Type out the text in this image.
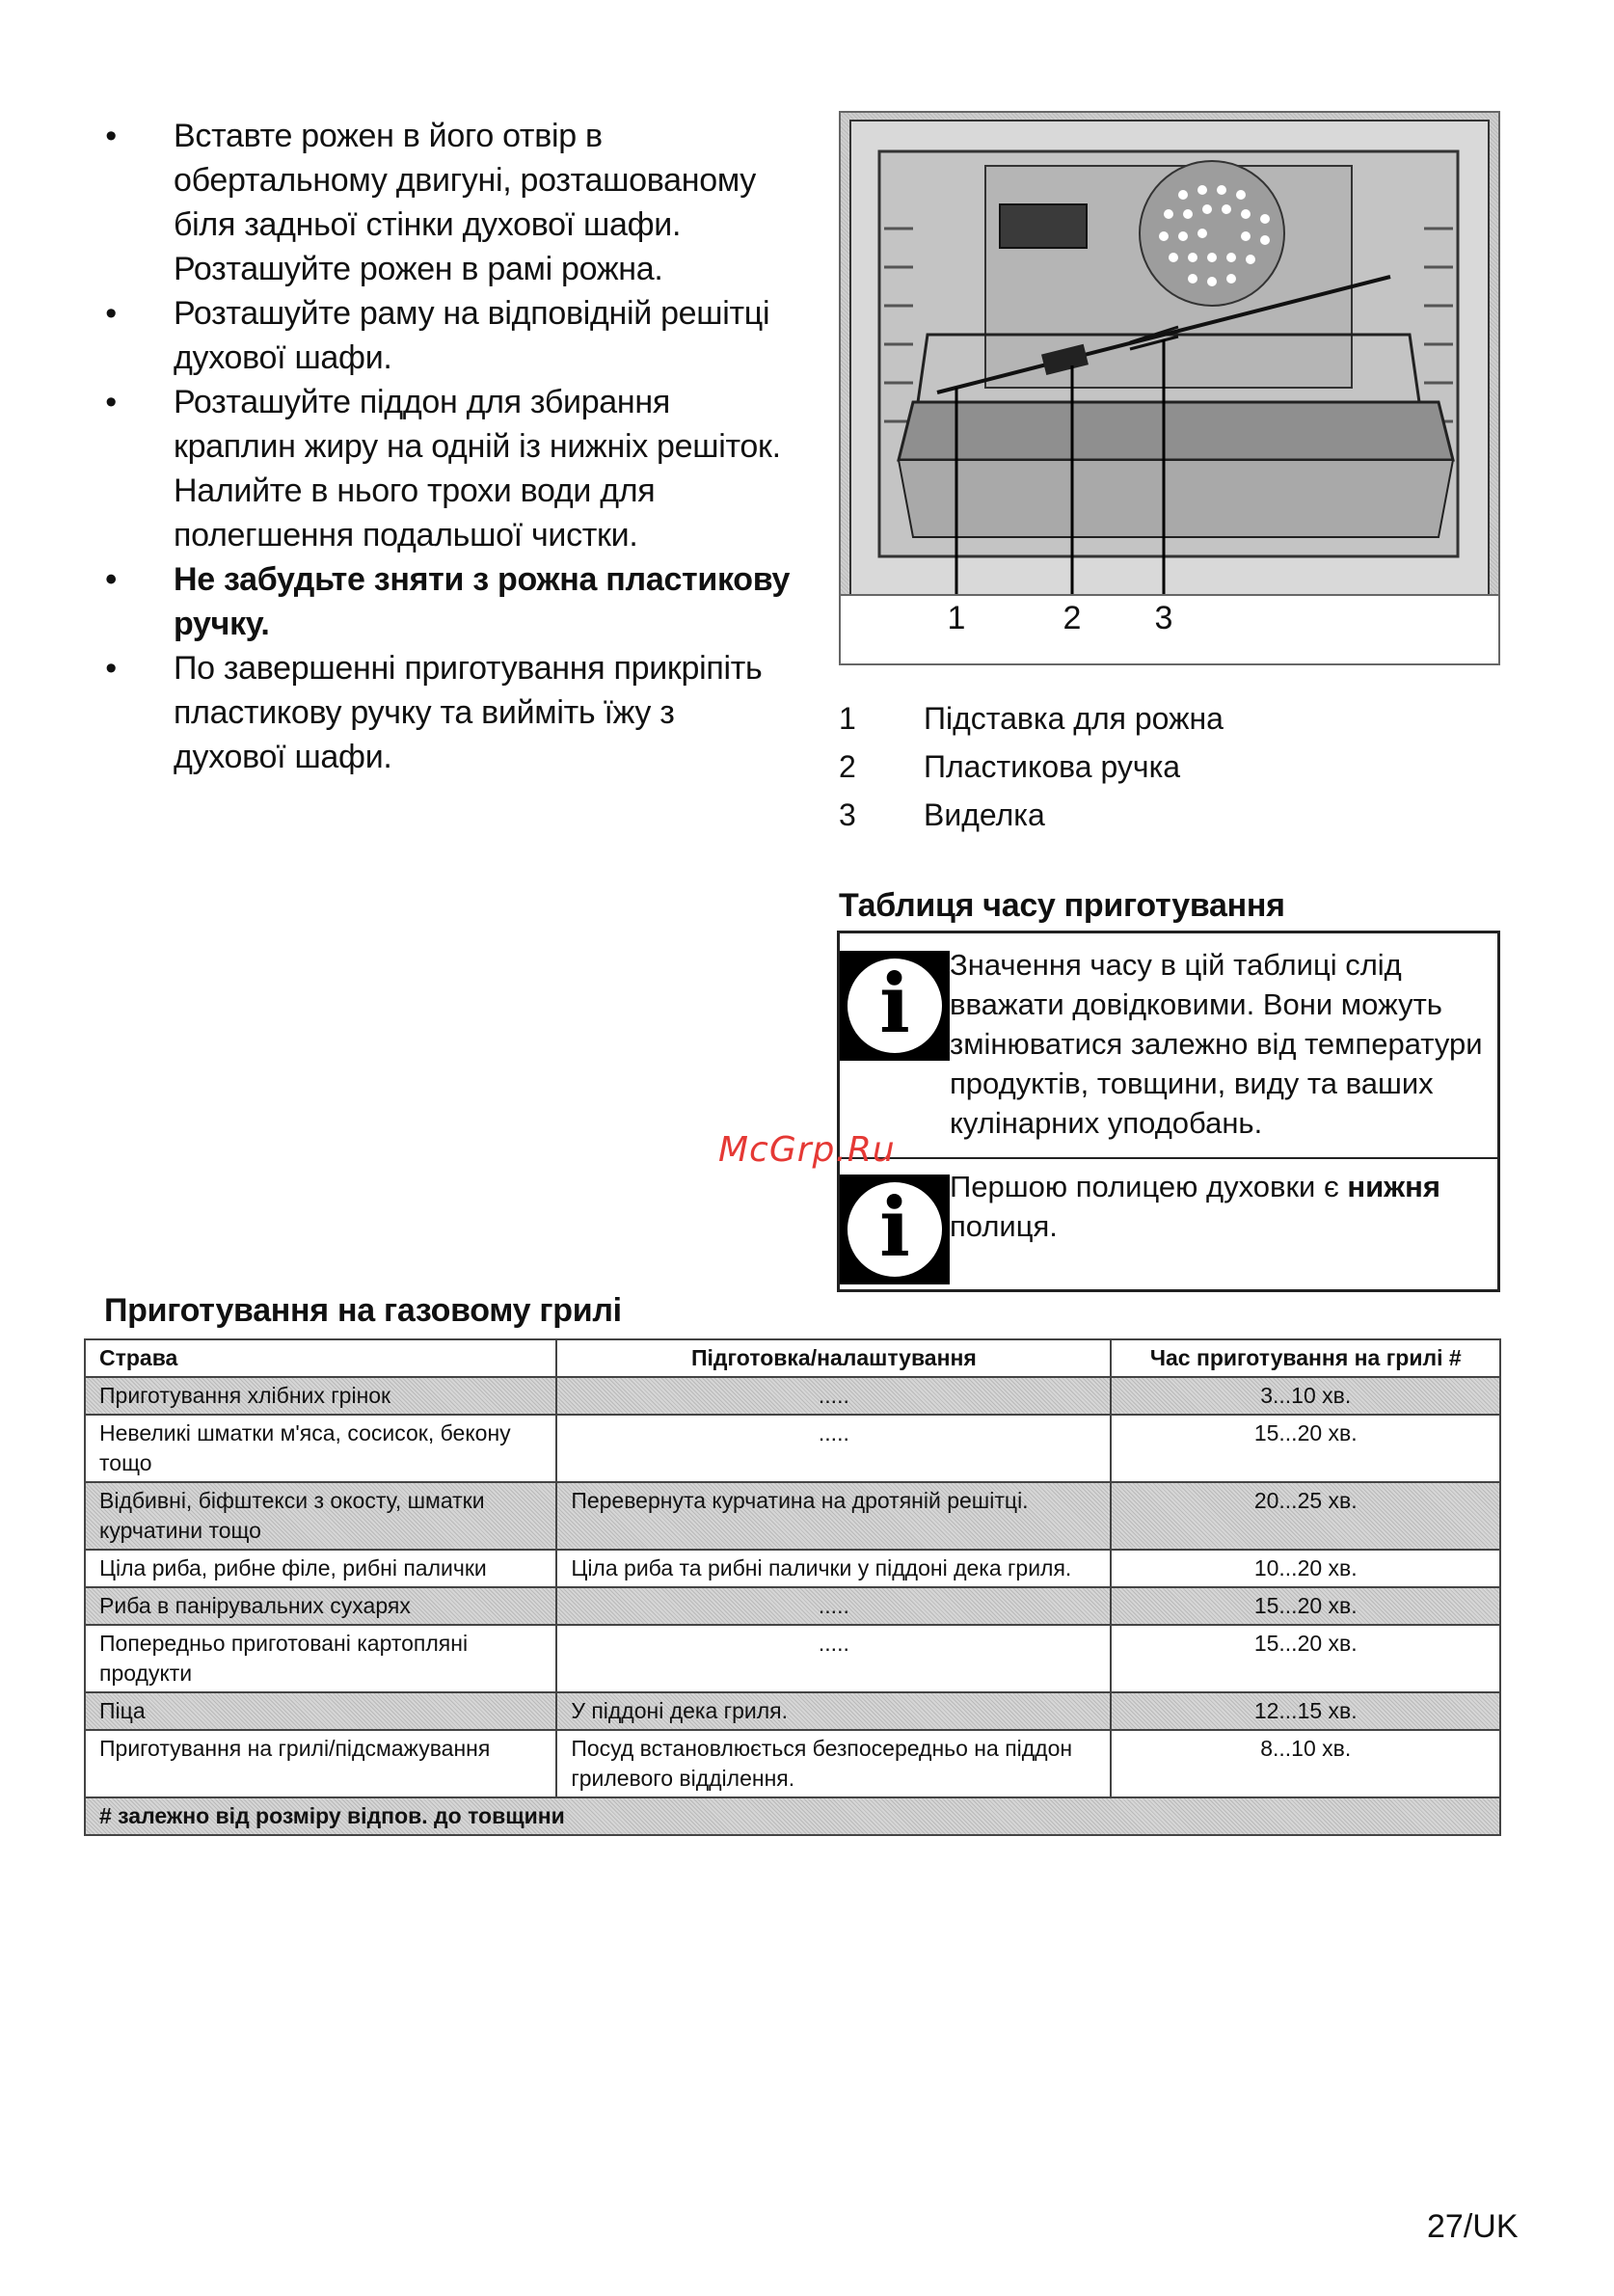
• Вставте рожен в його отвір в обертальному двигуні, розташованому біля задньої стінки духової шафи. Розташуйте рожен в рамі рожна.

• Розташуйте раму на відповідній решітці духової шафи.

• Розташуйте піддон для збирання краплин жиру на одній із нижніх решіток. Налийте в нього трохи води для полегшення подальшої чистки.

• Не забудьте зняти з рожна пластикову ручку.

• По завершенні приготування прикріпіть пластикову ручку та вийміть їжу з духової шафи.

1	2	3
1	Підставка для рожна
2	Пластикова ручка
3	Виделка
Таблиця часу приготування
i	Значення часу в цій таблиці слід вважати довідковими. Вони можуть змінюватися залежно від температури продуктів, товщини, виду та ваших кулінарних уподобань.
i	Першою полицею духовки є нижня полиця.
McGrp.Ru
Приготування на газовому грилі
Страва	Підготовка/налаштування	Час приготування на грилі #
Приготування хлібних грінок	.....	3...10 хв.
Невеликі шматки м'яса, сосисок, бекону тощо	.....	15...20 хв.
Відбивні, біфштекси з окосту, шматки курчатини тощо	Перевернута курчатина на дротяній решітці.	20...25 хв.
Ціла риба, рибне філе, рибні палички	Ціла риба та рибні палички у піддоні дека гриля.	10...20 хв.
Риба в панірувальних сухарях	.....	15...20 хв.
Попередньо приготовані картопляні продукти	.....	15...20 хв.
Піца	У піддоні дека гриля.	12...15 хв.
Приготування на грилі/підсмажування	Посуд встановлюється безпосередньо на піддон грилевого відділення.	8...10 хв.
# залежно від розміру відпов. до товщини		
27/UK
